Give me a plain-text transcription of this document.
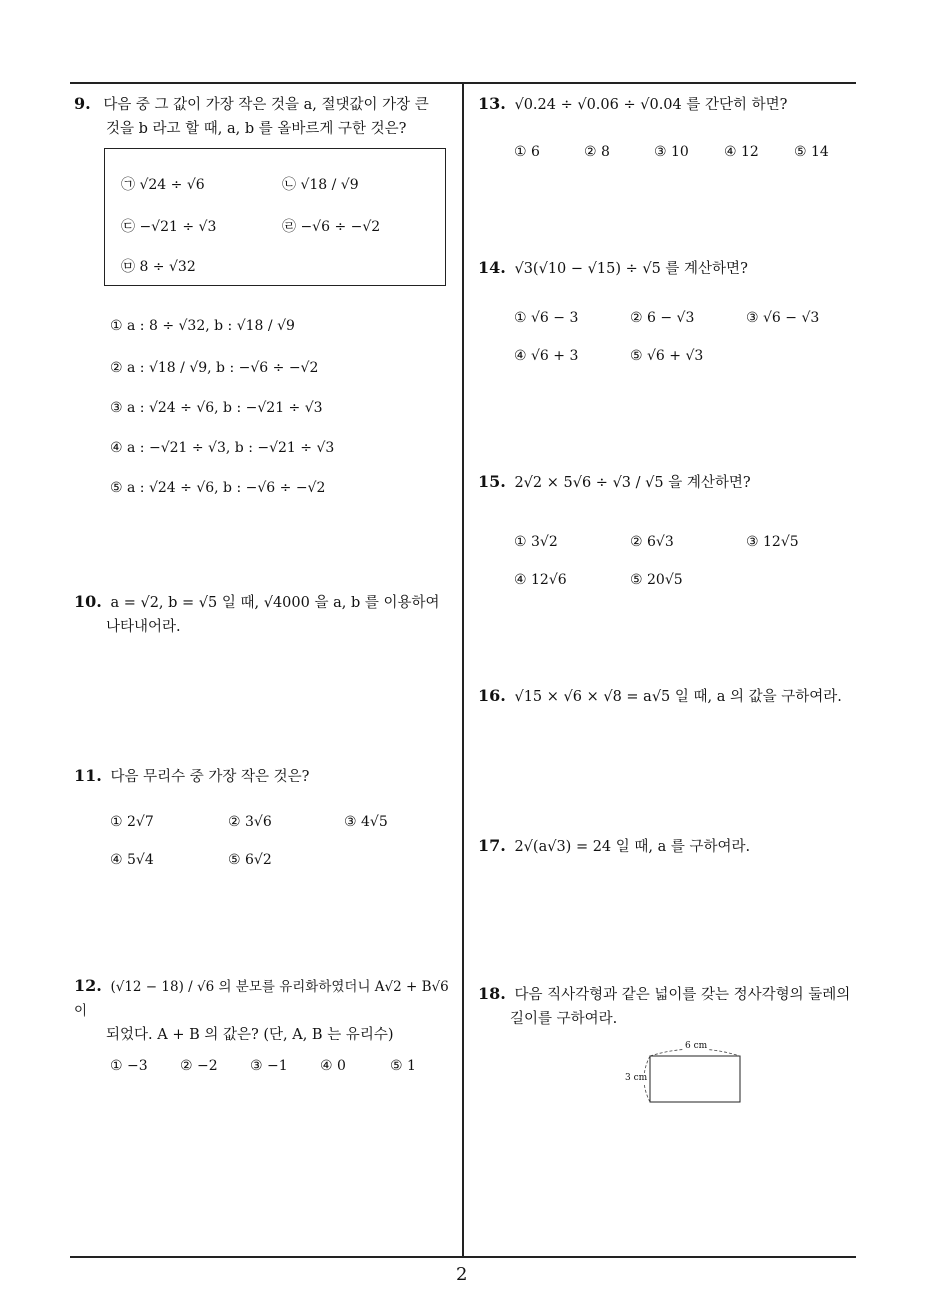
9. 다음 중 그 값이 가장 작은 것을 a, 절댓값이 가장 큰
것을 b 라고 할 때, a, b 를 올바르게 구한 것은?
㉠ √24 ÷ √6	㉡ √18 / √9
㉢ −√21 ÷ √3	㉣ −√6 ÷ −√2
㉤ 8 ÷ √32
① a : 8 ÷ √32, b : √18 / √9
② a : √18 / √9, b : −√6 ÷ −√2
③ a : √24 ÷ √6, b : −√21 ÷ √3
④ a : −√21 ÷ √3, b : −√21 ÷ √3
⑤ a : √24 ÷ √6, b : −√6 ÷ −√2
10. a = √2, b = √5 일 때, √4000 을 a, b 를 이용하여
나타내어라.
11. 다음 무리수 중 가장 작은 것은?
① 2√7	② 3√6	③ 4√5
④ 5√4	⑤ 6√2
12. (√12 − 18) / √6 의 분모를 유리화하였더니 A√2 + B√6 이
되었다. A + B 의 값은? (단, A, B 는 유리수)
① −3 ② −2 ③ −1 ④ 0	⑤ 1
13. √0.24 ÷ √0.06 ÷ √0.04 를 간단히 하면?
① 6	② 8	③ 10	④ 12	⑤ 14
14. √3(√10 − √15) ÷ √5 를 계산하면?
① √6 − 3	② 6 − √3	③ √6 − √3
④ √6 + 3	⑤ √6 + √3
15. 2√2 × 5√6 ÷ √3 / √5 을 계산하면?
① 3√2	② 6√3	③ 12√5
④ 12√6	⑤ 20√5
16. √15 × √6 × √8 = a√5 일 때, a 의 값을 구하여라.
17. 2√(a√3) = 24 일 때, a 를 구하여라.
18. 다음 직사각형과 같은 넓이를 갖는 정사각형의 둘레의
길이를 구하여라.
6 cm
3 cm
2
